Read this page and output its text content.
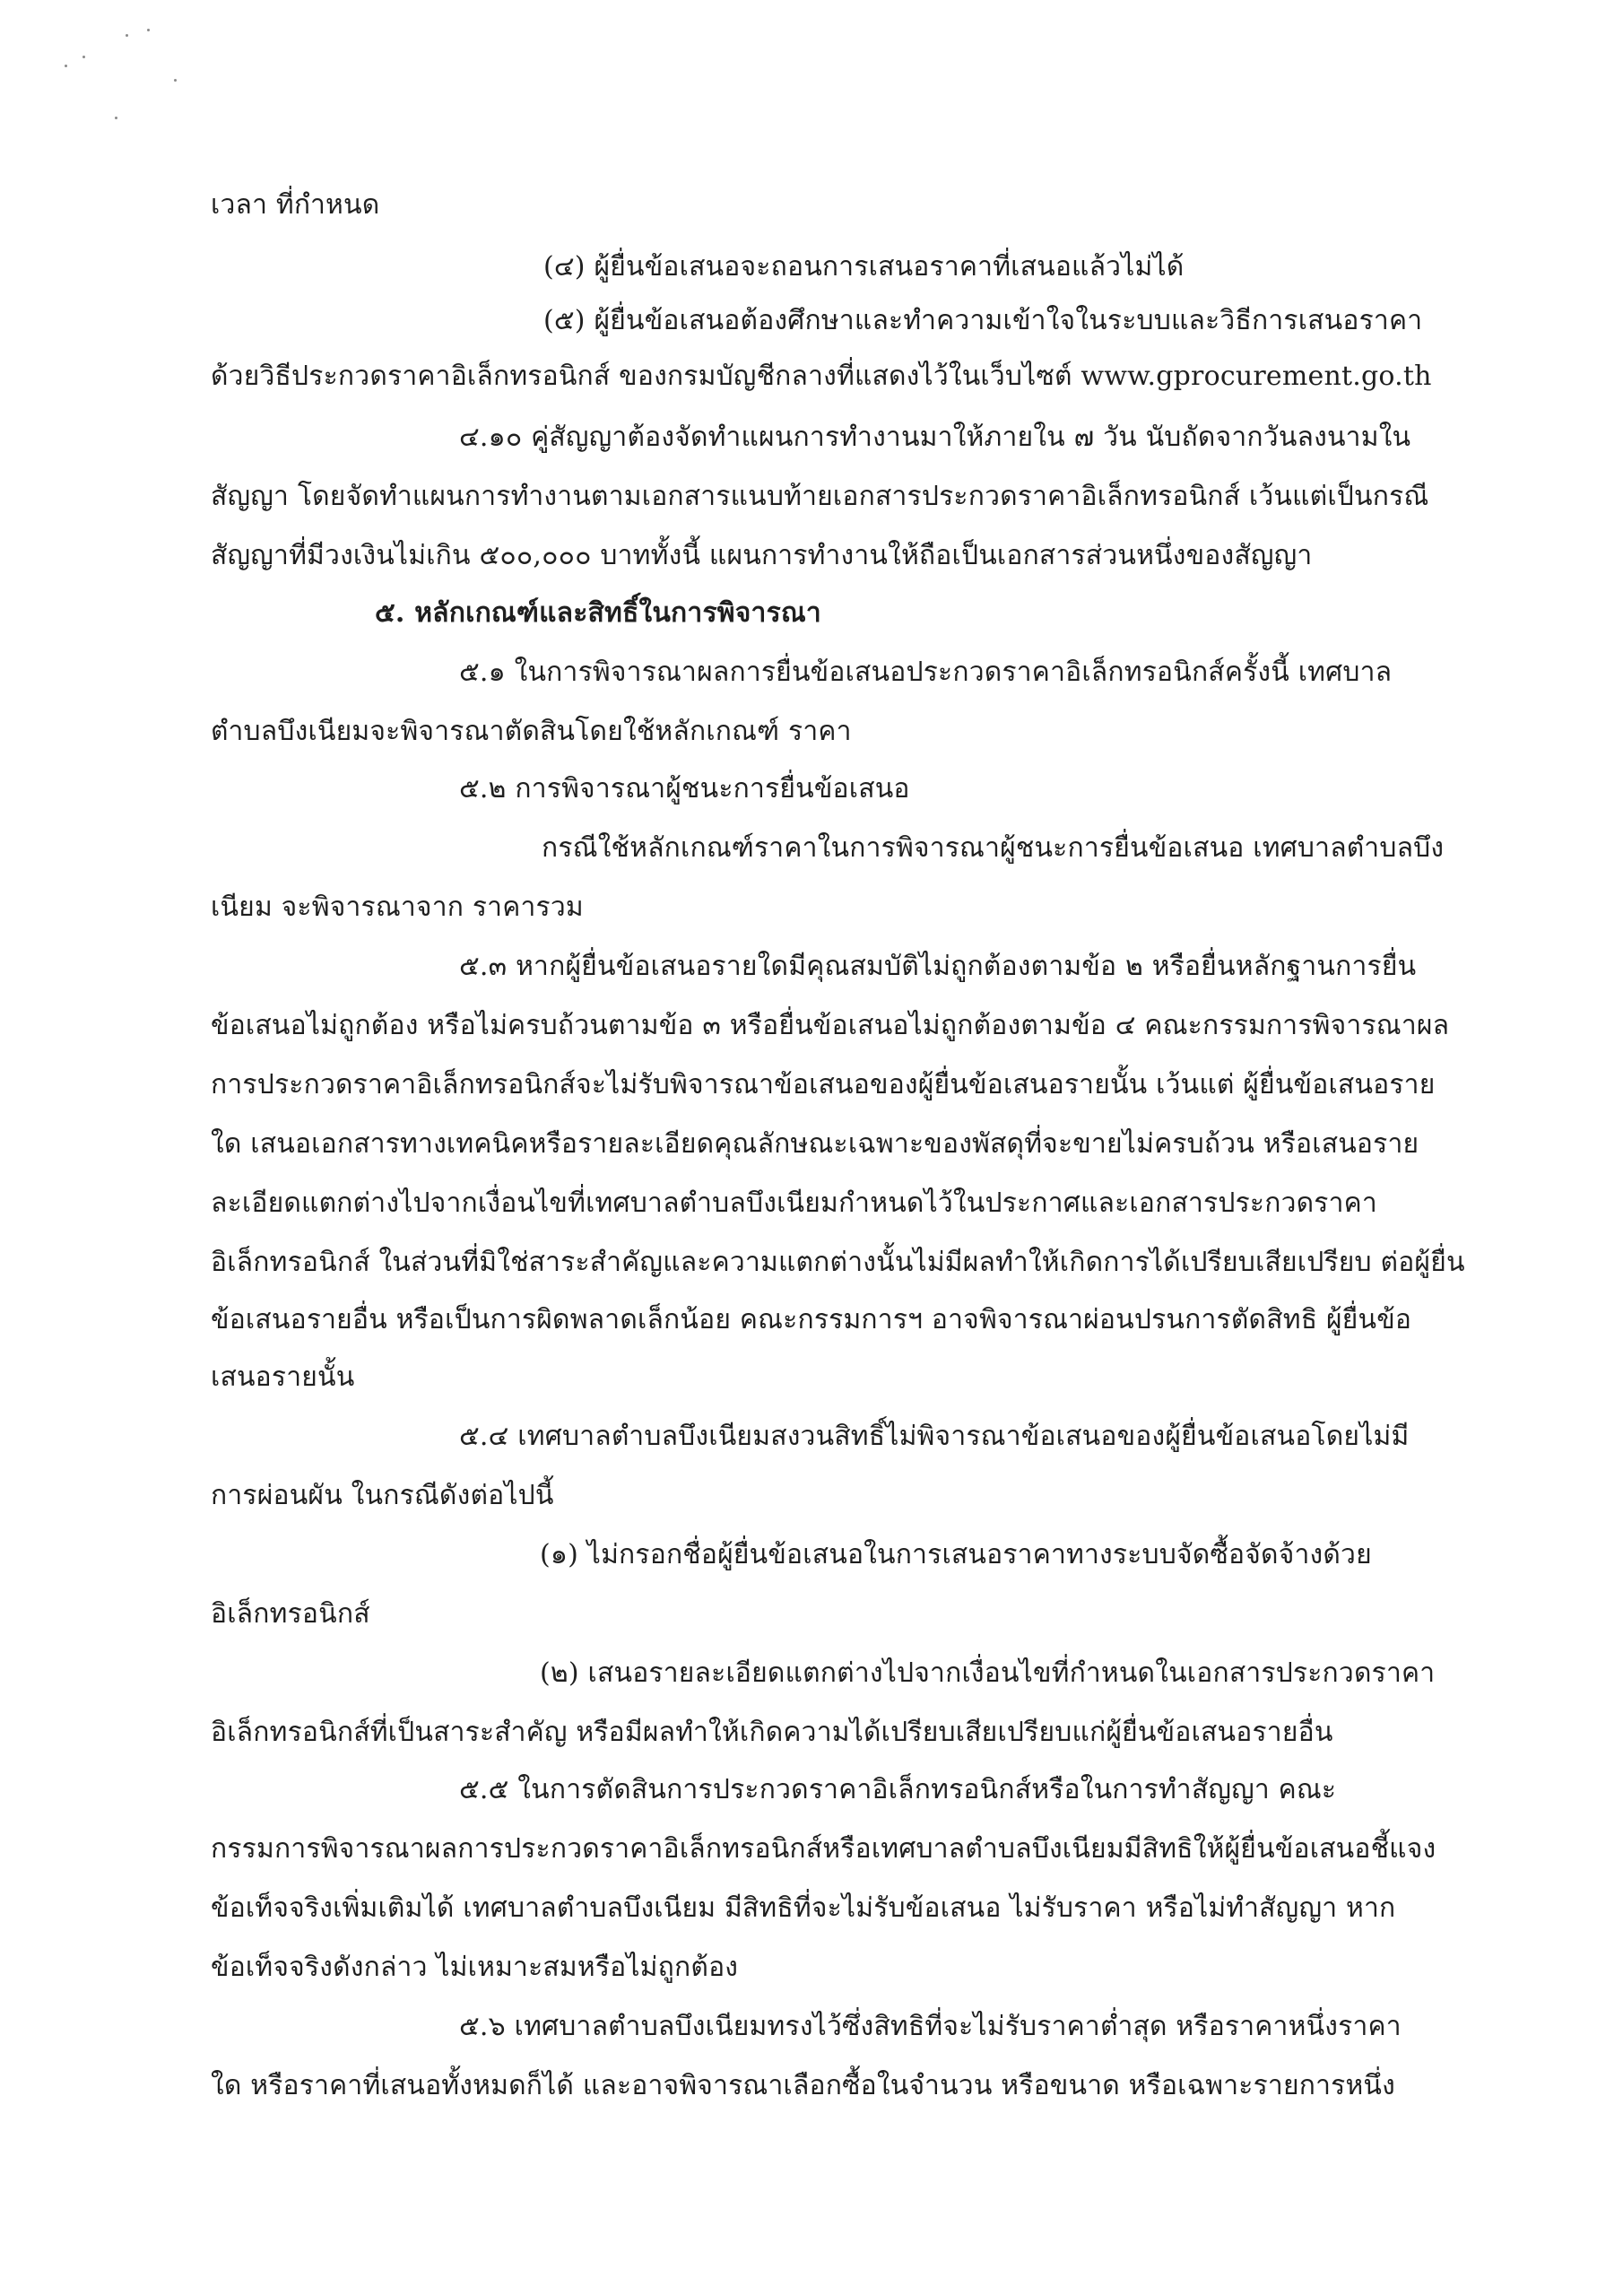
เวลา ที่กำหนด
(๔) ผู้ยื่นข้อเสนอจะถอนการเสนอราคาที่เสนอแล้วไม่ได้
(๕) ผู้ยื่นข้อเสนอต้องศึกษาและทำความเข้าใจในระบบและวิธีการเสนอราคา
ด้วยวิธีประกวดราคาอิเล็กทรอนิกส์ ของกรมบัญชีกลางที่แสดงไว้ในเว็บไซต์ www.gprocurement.go.th
๔.๑๐ คู่สัญญาต้องจัดทำแผนการทำงานมาให้ภายใน ๗ วัน นับถัดจากวันลงนามใน
สัญญา โดยจัดทำแผนการทำงานตามเอกสารแนบท้ายเอกสารประกวดราคาอิเล็กทรอนิกส์ เว้นแต่เป็นกรณี
สัญญาที่มีวงเงินไม่เกิน ๕๐๐,๐๐๐ บาททั้งนี้ แผนการทำงานให้ถือเป็นเอกสารส่วนหนึ่งของสัญญา
๕. หลักเกณฑ์และสิทธิ์ในการพิจารณา
๕.๑ ในการพิจารณาผลการยื่นข้อเสนอประกวดราคาอิเล็กทรอนิกส์ครั้งนี้ เทศบาล
ตำบลบึงเนียมจะพิจารณาตัดสินโดยใช้หลักเกณฑ์ ราคา
๕.๒ การพิจารณาผู้ชนะการยื่นข้อเสนอ
กรณีใช้หลักเกณฑ์ราคาในการพิจารณาผู้ชนะการยื่นข้อเสนอ เทศบาลตำบลบึง
เนียม จะพิจารณาจาก ราคารวม
๕.๓ หากผู้ยื่นข้อเสนอรายใดมีคุณสมบัติไม่ถูกต้องตามข้อ ๒ หรือยื่นหลักฐานการยื่น
ข้อเสนอไม่ถูกต้อง หรือไม่ครบถ้วนตามข้อ ๓ หรือยื่นข้อเสนอไม่ถูกต้องตามข้อ ๔ คณะกรรมการพิจารณาผล
การประกวดราคาอิเล็กทรอนิกส์จะไม่รับพิจารณาข้อเสนอของผู้ยื่นข้อเสนอรายนั้น เว้นแต่ ผู้ยื่นข้อเสนอราย
ใด เสนอเอกสารทางเทคนิคหรือรายละเอียดคุณลักษณะเฉพาะของพัสดุที่จะขายไม่ครบถ้วน หรือเสนอราย
ละเอียดแตกต่างไปจากเงื่อนไขที่เทศบาลตำบลบึงเนียมกำหนดไว้ในประกาศและเอกสารประกวดราคา
อิเล็กทรอนิกส์ ในส่วนที่มิใช่สาระสำคัญและความแตกต่างนั้นไม่มีผลทำให้เกิดการได้เปรียบเสียเปรียบ ต่อผู้ยื่น
ข้อเสนอรายอื่น หรือเป็นการผิดพลาดเล็กน้อย คณะกรรมการฯ อาจพิจารณาผ่อนปรนการตัดสิทธิ ผู้ยื่นข้อ
เสนอรายนั้น
๕.๔ เทศบาลตำบลบึงเนียมสงวนสิทธิ์ไม่พิจารณาข้อเสนอของผู้ยื่นข้อเสนอโดยไม่มี
การผ่อนผัน ในกรณีดังต่อไปนี้
(๑) ไม่กรอกชื่อผู้ยื่นข้อเสนอในการเสนอราคาทางระบบจัดซื้อจัดจ้างด้วย
อิเล็กทรอนิกส์
(๒) เสนอรายละเอียดแตกต่างไปจากเงื่อนไขที่กำหนดในเอกสารประกวดราคา
อิเล็กทรอนิกส์ที่เป็นสาระสำคัญ หรือมีผลทำให้เกิดความได้เปรียบเสียเปรียบแก่ผู้ยื่นข้อเสนอรายอื่น
๕.๕ ในการตัดสินการประกวดราคาอิเล็กทรอนิกส์หรือในการทำสัญญา คณะ
กรรมการพิจารณาผลการประกวดราคาอิเล็กทรอนิกส์หรือเทศบาลตำบลบึงเนียมมีสิทธิให้ผู้ยื่นข้อเสนอชี้แจง
ข้อเท็จจริงเพิ่มเติมได้ เทศบาลตำบลบึงเนียม มีสิทธิที่จะไม่รับข้อเสนอ ไม่รับราคา หรือไม่ทำสัญญา หาก
ข้อเท็จจริงดังกล่าว ไม่เหมาะสมหรือไม่ถูกต้อง
๕.๖ เทศบาลตำบลบึงเนียมทรงไว้ซึ่งสิทธิที่จะไม่รับราคาต่ำสุด หรือราคาหนึ่งราคา
ใด หรือราคาที่เสนอทั้งหมดก็ได้ และอาจพิจารณาเลือกซื้อในจำนวน หรือขนาด หรือเฉพาะรายการหนึ่ง
